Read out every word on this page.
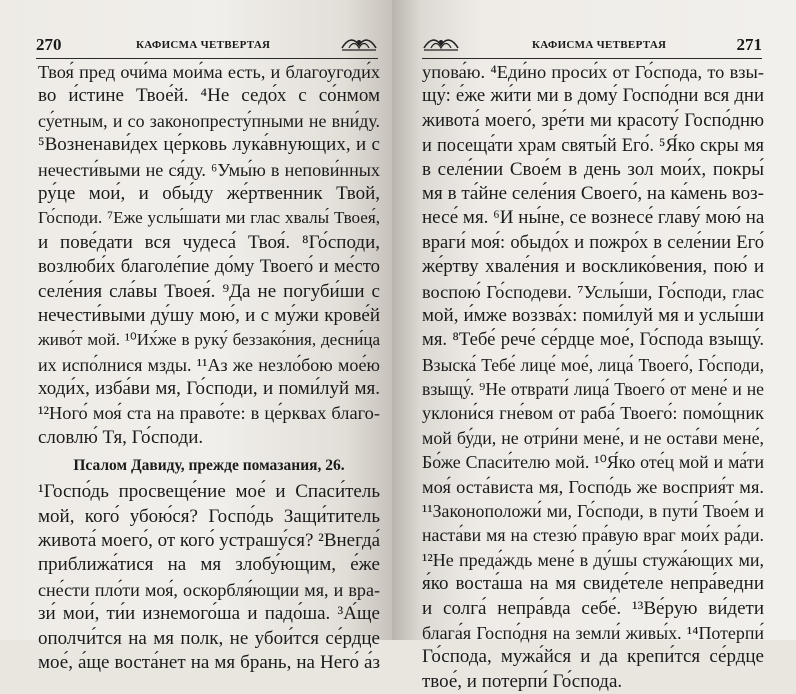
270	КАФИСМА ЧЕТВЕРТАЯ
Твоя́ пред очи́ма мои́ма есть, и благоугоди́х
во и́стине Твое́й. ⁴Не седо́х с со́нмом
су́етным, и со законопресту́пными не вни́ду.
⁵Возненави́дех це́рковь лука́внующих, и с
нечести́выми не ся́ду. ⁶Умы́ю в непови́нных
ру́це мои́, и обы́ду же́ртвенник Твой,
Го́споди. ⁷Еже услы́шати ми глас хвалы́ Твоея́,
и пове́дати вся чудеса́ Твоя́. ⁸Го́споди,
возлюби́х благоле́пие до́му Твоего́ и ме́сто
селе́ния сла́вы Твоея́. ⁹Да не погуби́ши с
нечести́выми ду́шу мою́, и с му́жи крове́й
живо́т мой. ¹⁰Их́же в руку́ беззако́ния, десни́ца
их испо́лнися мзды. ¹¹Аз же незло́бою мое́ю
ходи́х, изба́ви мя, Го́споди, и поми́луй мя.
¹²Ного́ моя́ ста на право́те: в це́рквах благо-
словлю́ Тя, Го́споди.
Псалом Давиду, прежде помазания, 26.
¹Госпо́дь просвеще́ние мое́ и Спаси́тель
мой, кого́ убою́ся? Госпо́дь Защи́титель
живота́ моего́, от кого́ устрашу́ся? ²Внегда́
приближа́тися на мя злобу́ющим, е́же
сне́сти пло́ти моя́, оскорбля́ющии мя, и вра-
зи́ мои́, ти́и изнемого́ша и падо́ша. ³А́ще
ополчи́тся на мя полк, не убои́тся се́рдце
мое́, а́ще воста́нет на мя брань, на Него́ а́з
КАФИСМА ЧЕТВЕРТАЯ	271
упова́ю. ⁴Еди́но проси́х от Го́спода, то взы-
щу́: е́же жи́ти ми в дому́ Госпо́дни вся дни
живота́ моего́, зре́ти ми красоту́ Госпо́дню
и посеща́ти храм святы́й Его́. ⁵Я́ко скры мя
в селе́нии Свое́м в день зол мои́х, покры́
мя в та́йне селе́ния Своего́, на ка́мень воз-
несе́ мя. ⁶И ны́не, се вознесе́ главу́ мою́ на
враги́ моя́: обыдо́х и пожро́х в селе́нии Его́
же́ртву хвале́ния и восклико́вения, пою́ и
воспою́ Го́сподеви. ⁷Услы́ши, Го́споди, глас
мой, и́мже воззва́х: поми́луй мя и услы́ши
мя. ⁸Тебе́ рече́ се́рдце мое́, Го́спода взыщу́.
Взыска́ Тебе́ лице́ мое́, лица́ Твоего́, Го́споди,
взыщу́. ⁹Не отврати́ лица́ Твоего́ от мене́ и не
уклони́ся гне́вом от раба́ Твоего́: помо́щник
мой бу́ди, не отри́ни мене́, и не оста́ви мене́,
Бо́же Спаси́телю мой. ¹⁰Я́ко оте́ц мой и ма́ти
моя́ оста́виста мя, Госпо́дь же восприя́т мя.
¹¹Законоположи́ ми, Го́споди, в пути́ Твое́м и
наста́ви мя на стезю́ пра́вую враг мои́х ра́ди.
¹²Не преда́ждь мене́ в ду́шы стужа́ющих ми,
я́ко воста́ша на мя свиде́теле непра́ведни
и солга́ непра́вда себе́. ¹³Ве́рую ви́дети
блага́я Госпо́дня на земли́ живы́х. ¹⁴Потерпи́
Го́спода, мужа́йся и да крепи́тся се́рдце
твое́, и потерпи́ Го́спода.
